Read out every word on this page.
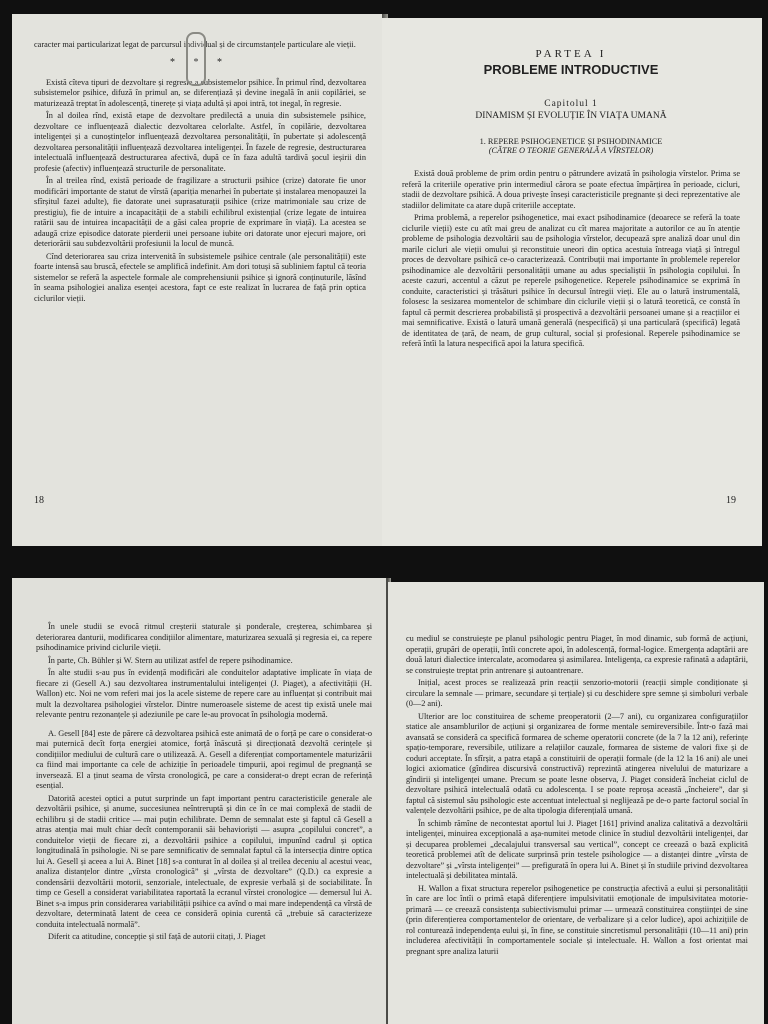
caracter mai particularizat legat de parcursul individual și de circumstanțele particulare ale vieții.

* * *

Există cîteva tipuri de dezvoltare și regresie a subsistemelor psihice. În primul rînd, dezvoltarea subsistemelor psihice, difuză în primul an, se diferențiază și devine inegală în anii copilăriei, se maturizează treptat în adolescență, tinerețe și viața adultă și apoi intră, tot inegal, în regresie.

În al doilea rînd, există etape de dezvoltare predilectă a unuia din subsistemele psihice, dezvoltare ce influențează dialectic dezvoltarea celorlalte. Astfel, în copilărie, dezvoltarea inteligenței și a cunoștințelor influențează dezvoltarea personalității, în pubertate și adolescență dezvoltarea personalității influențează dezvoltarea inteligenței. În fazele de regresie, destructurarea intelectuală influențează destructurarea afectivă, după ce în faza adultă tardivă șocul ieșirii din profesie (afectiv) influențează structurile de personalitate.

În al treilea rînd, există perioade de fragilizare a structurii psihice (crize) datorate fie unor modificări importante de statut de vîrstă (apariția menarhei în pubertate și instalarea menopauzei la sfîrșitul fazei adulte), fie datorate unei suprasaturații psihice (crize matrimoniale sau crize de prestigiu), fie de intuire a incapacității de a stabili echilibrul existențial (crize legate de intuirea ratării sau de intuirea incapacității de a găsi calea proprie de exprimare în viață). La acestea se adaugă crize episodice datorate pierderii unei persoane iubite ori datorate unor ejecuri majore, ori deteriorării sau subdezvoltării profesiunii la locul de muncă.

Cînd deteriorarea sau criza intervenită în subsistemele psihice centrale (ale personalității) este foarte intensă sau bruscă, efectele se amplifică indefinit. Am dori totuși să subliniem faptul că teoria sistemelor se referă la aspectele formale ale comprehensiunii psihice și ignoră conținuturile, lăsînd în seama psihologiei analiza esenței acestora, fapt ce este realizat în lucrarea de față prin optica ciclurilor vieții.

18
PARTEA I
PROBLEME INTRODUCTIVE
Capitolul 1
DINAMISM ȘI EVOLUȚIE ÎN VIAȚA UMANĂ
1. REPERE PSIHOGENETICE ȘI PSIHODINAMICE
(CĂTRE O TEORIE GENERALĂ A VÎRSTELOR)

Există două probleme de prim ordin pentru o pătrundere avizată în psihologia vîrstelor. Prima se referă la criteriile operative prin intermediul cărora se poate efectua împărțirea în perioade, cicluri, stadii de dezvoltare psihică. A doua privește înseși caracteristicile pregnante și deci reprezentative ale stadiilor delimitate ca atare după criteriile acceptate.

Prima problemă, a reperelor psihogenetice, mai exact psihodinamice (deoarece se referă la toate ciclurile vieții) este cu atît mai greu de analizat cu cît marea majoritate a autorilor ce au în atenție probleme de psihologia dezvoltării sau de psihologia vîrstelor, decupează spre analiză doar unul din marile cicluri ale vieții omului și reconstituie uneori din optica acestuia întreaga viață și întregul proces de dezvoltare psihică ce-o caracterizează. Contribuții mai importante în problemele reperelor psihodinamice ale dezvoltării personalității umane au adus specialiștii în psihologia copilului. În aceste cazuri, accentul a căzut pe reperele psihogenetice. Reperele psihodinamice se exprimă în conduite, caracteristici și trăsături psihice în decursul întregii vieți. Ele au o latură instrumentală, folosesc la sesizarea momentelor de schimbare din ciclurile vieții și o latură teoretică, ce constă în faptul că permit descrierea probabilistă și prospectivă a dezvoltării persoanei umane și a reacțiilor ei mai semnificative. Există o latură umană generală (nespecifică) și una particulară (specifică) legată de identitatea de țară, de neam, de grup cultural, social și profesional. Reperele psihodinamice se referă întîi la latura nespecifică apoi la latura specifică.

19

În unele studii se evocă ritmul creșterii staturale și ponderale, creșterea, schimbarea și deteriorarea danturii, modificarea condițiilor alimentare, maturizarea sexuală și regresia ei, ca repere psihodinamice privind ciclurile vieții.

În parte, Ch. Bühler și W. Stern au utilizat astfel de repere psihodinamice.

În alte studii s-au pus în evidență modificări ale conduitelor adaptative implicate în viața de fiecare zi (Gesell A.) sau dezvoltarea instrumentalului inteligenței (J. Piaget), a afectivității (H. Wallon) etc. Noi ne vom referi mai jos la acele sisteme de repere care au influențat și contribuit mai mult la dezvoltarea psihologiei vîrstelor. Dintre numeroasele sisteme de acest tip există unele mai relevante pentru rezonanțele și adeziunile pe care le-au provocat în psihologia modernă.

A. Gesell [84] este de părere că dezvoltarea psihică este animată de o forță pe care o considerat-o mai puternică decît forța energiei atomice, forță înăscută și direcționată dezvoltă cerințele și condițiilor mediului de cultură care o utilizează. A. Gesell a diferențiat comportamentele maturizării ca fiind mai importante ca cele de achiziție în perioadele timpurii, apoi regimul de pregnanță se inversează. El a ținut seama de vîrsta cronologică, pe care a considerat-o drept ecran de referință esențial.

Datorită acestei optici a putut surprinde un fapt important pentru caracteristicile generale ale dezvoltării psihice, și anume, succesiunea neîntreruptă și din ce în ce mai complexă de stadii de echilibru și de stadii critice — mai puțin echilibrate. Demn de semnalat este și faptul că Gesell a atras atenția mai mult chiar decît contemporanii săi behavioriști — asupra „copilului concret”, a conduitelor vieții de fiecare zi, a dezvoltării psihice a copilului, impunînd cadrul și optica longitudinală în psihologie. Ni se pare semnificativ de semnalat faptul că la intersecția dintre optica lui A. Gesell și aceea a lui A. Binet [18] s-a conturat în al doilea și al treilea deceniu al acestui veac, analiza distanțelor dintre „vîrsta cronologică” și „vîrsta de dezvoltare” (Q.D.) ca expresie a condensării dezvoltării motorii, senzoriale, intelectuale, de expresie verbală și de sociabilitate. În timp ce Gesell a considerat variabilitatea raportată la ecranul vîrstei cronologice — demersul lui A. Binet s-a impus prin considerarea variabilității psihice ca avînd o mai mare independență ca vîrstă de dezvoltare, determinată latent de ceea ce consideră opinia curentă că „trebuie să caracterizeze conduita intelectuală normală”.

Diferit ca atitudine, concepție și stil față de autorii citați, J. Piaget

cu mediul se construiește pe planul psihologic pentru Piaget, în mod dinamic, sub formă de acțiuni, operații, grupări de operații, întîi concrete apoi, în adolescență, formal-logice. Emergența adaptării are două laturi dialectice intercalate, acomodarea și asimilarea. Inteligența, ca expresie rafinată a adaptării, se construiește treptat prin antrenare și autoantrenare.

Inițial, acest proces se realizează prin reacții senzorio-motorii (reacții simple condiționate și circulare la semnale — primare, secundare și terțiale) și cu deschidere spre semne și simboluri verbale (0—2 ani).

Ulterior are loc constituirea de scheme preoperatorii (2—7 ani), cu organizarea configurațiilor statice ale ansamblurilor de acțiuni și organizarea de forme mentale semireversibile. Într-o fază mai avansată se consideră ca specifică formarea de scheme operatorii concrete (de la 7 la 12 ani), referințe spațio-temporare, reversibile, utilizare a relațiilor cauzale, formarea de sisteme de valori fixe și de coduri acceptate. În sfîrșit, a patra etapă a constituirii de operații formale (de la 12 la 16 ani) ale unei logici axiomatice (gîndirea discursivă constructivă) reprezintă atingerea nivelului de maturizare a gîndirii și inteligenței umane. Precum se poate lesne observa, J. Piaget consideră încheiat ciclul de dezvoltare psihică intelectuală odată cu adolescența. I se poate reproșa această „încheiere”, dar și faptul că sistemul său psihologic este accentuat intelectual și neglijează pe de-o parte factorul social în valențele dezvoltării psihice, pe de alta tipologia diferențială umană.

În schimb rămîne de necontestat aportul lui J. Piaget [161] privind analiza calitativă a dezvoltării inteligenței, minuirea excepțională a așa-numitei metode clinice în studiul dezvoltării inteligenței, dar și decuparea problemei „decalajului transversal sau vertical”, concept ce creează o bază explicită teoretică problemei atît de delicate surprinsă prin testele psihologice — a distanței dintre „vîrsta de dezvoltare” și „vîrsta inteligenței” — prefigurată în opera lui A. Binet și în studiile privind dezvoltarea intelectuală și debilitatea mintală.

H. Wallon a fixat structura reperelor psihogenetice pe construcția afectivă a eului și personalității în care are loc întîi o primă etapă diferențiere impulsivitatii emoționale de impulsivitatea motorie-primară — ce creează consistența subiectivismului primar — urmează constituirea conștiinței de sine (prin diferențierea comportamentelor de orientare, de verbalizare și a celor ludice), apoi achizițiile de rol conturează independența eului și, în fine, se constituie sincretismul personalității (10—11 ani) prin includerea afectivității în comportamentele sociale și intelectuale. H. Wallon a fost orientat mai pregnant spre analiza laturii
